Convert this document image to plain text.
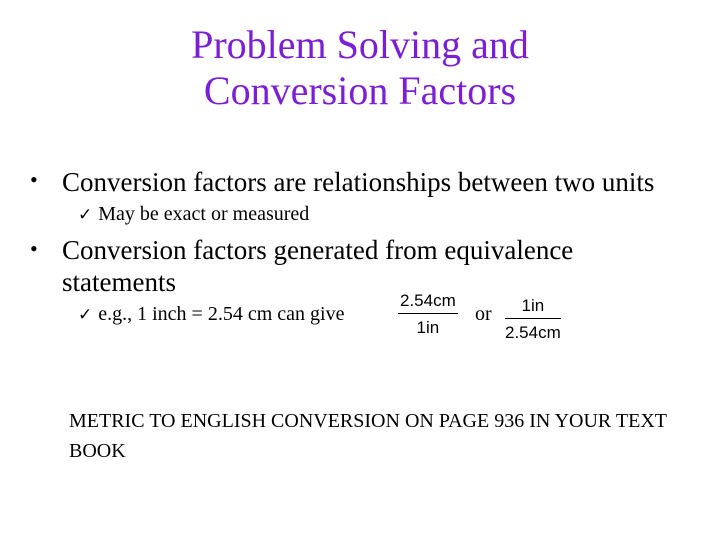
Problem Solving and
Conversion Factors
• Conversion factors are relationships between two units
✓ May be exact or measured
• Conversion factors generated from equivalence statements
✓ e.g., 1 inch = 2.54 cm can give
2.54cm
1in
or 1in
2.54cm
METRIC TO ENGLISH CONVERSION ON PAGE 936 IN YOUR TEXT BOOK
